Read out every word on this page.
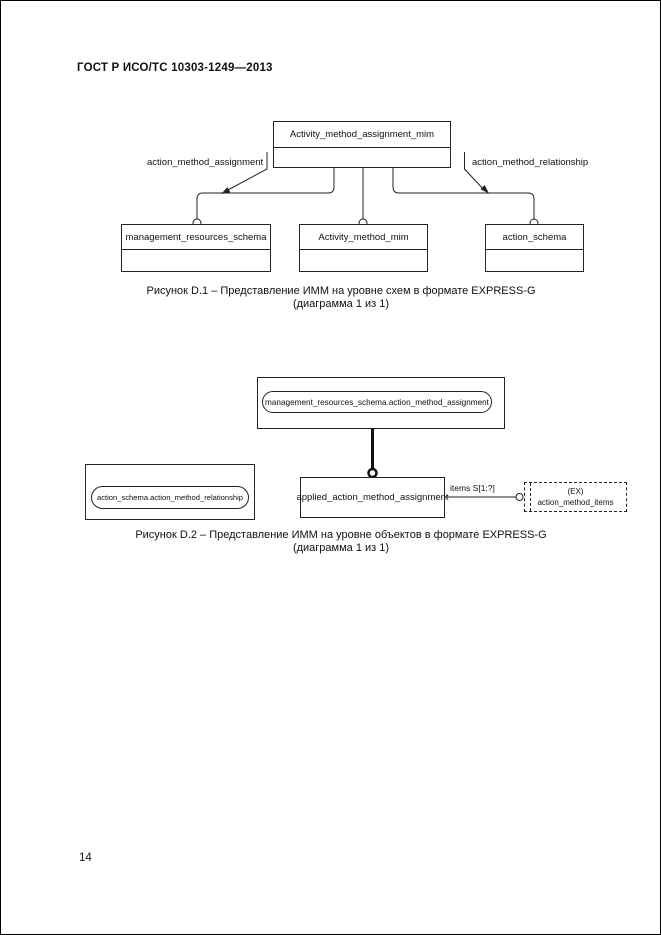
ГОСТ Р ИСО/ТС 10303-1249—2013
Activity_method_assignment_mim
action_method_assignment	action_method_relationship
management_resources_schema	Activity_method_mim	action_schema
Рисунок D.1 – Представление ИММ на уровне схем в формате EXPRESS-G
(диаграмма 1 из 1)
management_resources_schema.action_method_assignment
action_schema.action_method_relationship	applied_action_method_assignment
items S[1:?]	(EX)
action_method_items
Рисунок D.2 – Представление ИММ на уровне объектов в формате EXPRESS-G
(диаграмма 1 из 1)
14
